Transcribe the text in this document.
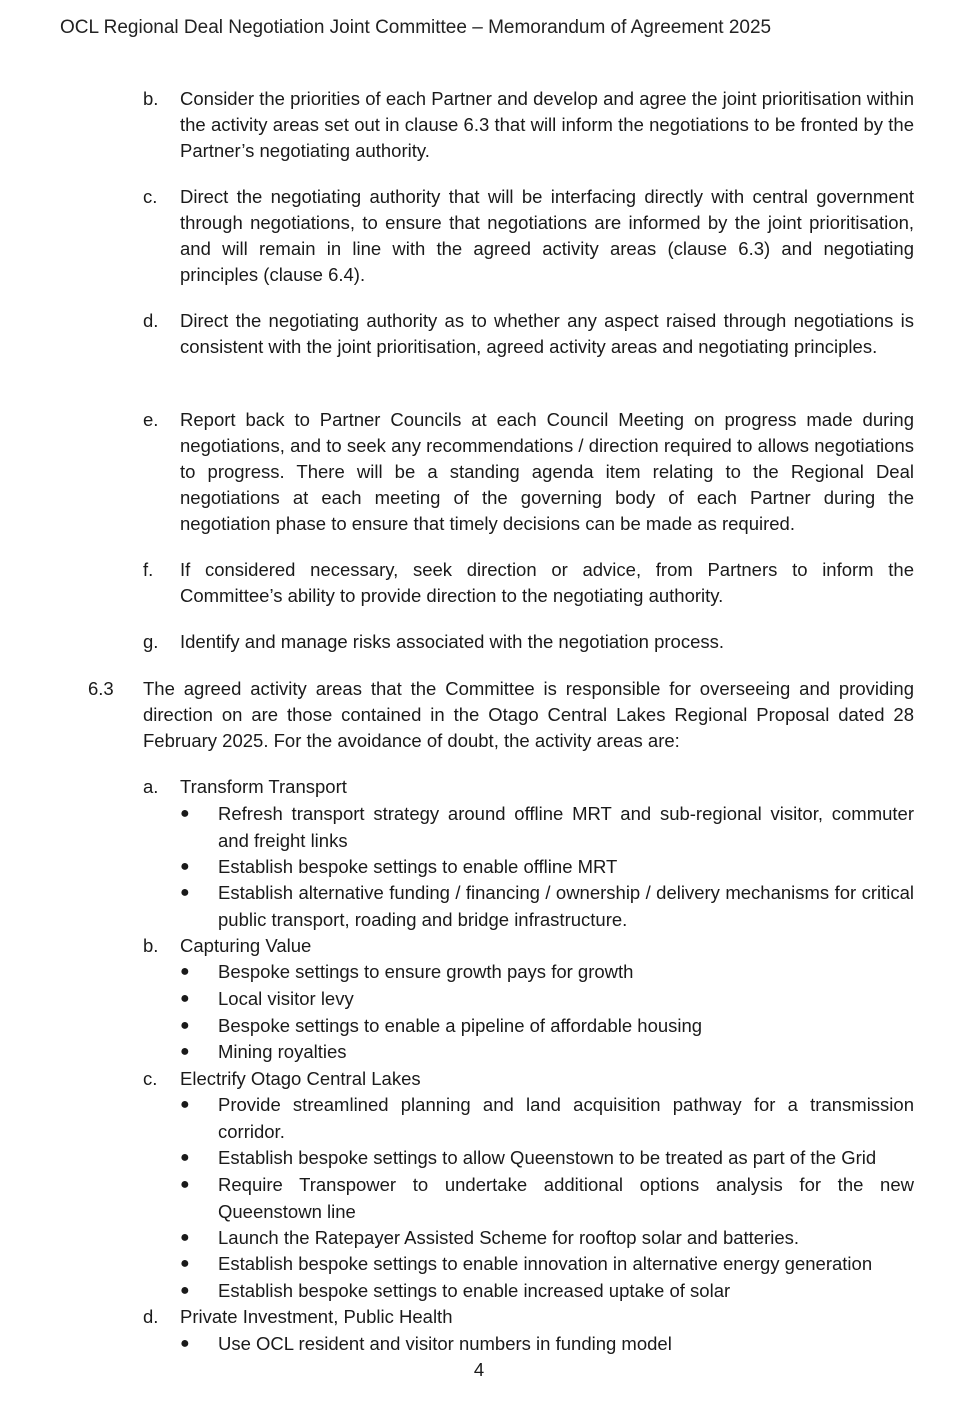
OCL Regional Deal Negotiation Joint Committee – Memorandum of Agreement 2025
b. Consider the priorities of each Partner and develop and agree the joint prioritisation within the activity areas set out in clause 6.3 that will inform the negotiations to be fronted by the Partner’s negotiating authority.
c. Direct the negotiating authority that will be interfacing directly with central government through negotiations, to ensure that negotiations are informed by the joint prioritisation, and will remain in line with the agreed activity areas (clause 6.3) and negotiating principles (clause 6.4).
d. Direct the negotiating authority as to whether any aspect raised through negotiations is consistent with the joint prioritisation, agreed activity areas and negotiating principles.
e. Report back to Partner Councils at each Council Meeting on progress made during negotiations, and to seek any recommendations / direction required to allows negotiations to progress. There will be a standing agenda item relating to the Regional Deal negotiations at each meeting of the governing body of each Partner during the negotiation phase to ensure that timely decisions can be made as required.
f. If considered necessary, seek direction or advice, from Partners to inform the Committee’s ability to provide direction to the negotiating authority.
g. Identify and manage risks associated with the negotiation process.
6.3 The agreed activity areas that the Committee is responsible for overseeing and providing direction on are those contained in the Otago Central Lakes Regional Proposal dated 28 February 2025. For the avoidance of doubt, the activity areas are:
a. Transform Transport
● Refresh transport strategy around offline MRT and sub-regional visitor, commuter and freight links
● Establish bespoke settings to enable offline MRT
● Establish alternative funding / financing / ownership / delivery mechanisms for critical public transport, roading and bridge infrastructure.
b. Capturing Value
● Bespoke settings to ensure growth pays for growth
● Local visitor levy
● Bespoke settings to enable a pipeline of affordable housing
● Mining royalties
c. Electrify Otago Central Lakes
● Provide streamlined planning and land acquisition pathway for a transmission corridor.
● Establish bespoke settings to allow Queenstown to be treated as part of the Grid
● Require Transpower to undertake additional options analysis for the new Queenstown line
● Launch the Ratepayer Assisted Scheme for rooftop solar and batteries.
● Establish bespoke settings to enable innovation in alternative energy generation
● Establish bespoke settings to enable increased uptake of solar
d. Private Investment, Public Health
● Use OCL resident and visitor numbers in funding model
4
